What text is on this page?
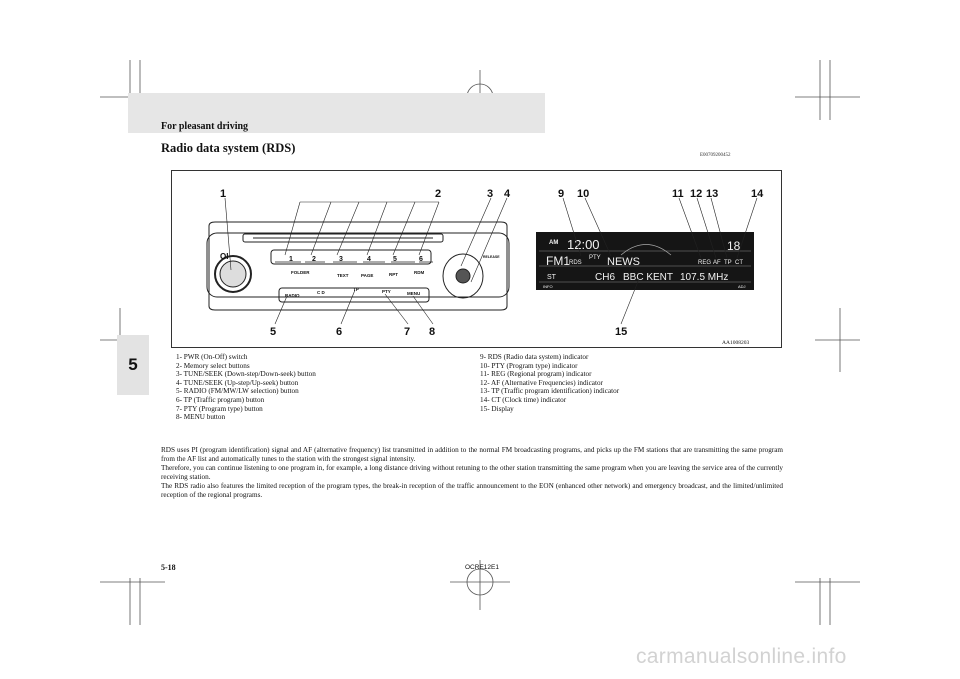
For pleasant driving
Radio data system (RDS)
E00709200452
1	2	3	4	5	6
OI
FOLDER
TEXT	PAGE	RPT	RDM
RADIO
C D
TP	PTY	MENU
RELEASE
AM 12:00
FM1 RDS
PTY NEWS	REG AF TP CT
18
ST	CH6 BBC KENT 107.5 MHz
INFO	ADJ
1	2	3 4
5	6	7 8
9 10	11 12 13	14
15
AA1008203
1- PWR (On-Off) switch
2- Memory select buttons
3- TUNE/SEEK (Down-step/Down-seek) button
4- TUNE/SEEK (Up-step/Up-seek) button
5- RADIO (FM/MW/LW selection) button
6- TP (Traffic program) button
7- PTY (Program type) button
8- MENU button
9- RDS (Radio data system) indicator
10- PTY (Program type) indicator
11- REG (Regional program) indicator
12- AF (Alternative Frequencies) indicator
13- TP (Traffic program identification) indicator
14- CT (Clock time) indicator
15- Display

RDS uses PI (program identification) signal and AF (alternative frequency) list transmitted in addition to the normal FM broadcasting programs, and picks up the FM stations that are transmitting the same program from the AF list and automatically tunes to the station with the strongest signal intensity.

Therefore, you can continue listening to one program in, for example, a long distance driving without retuning to the other station transmitting the same program when you are leaving the service area of the currently receiving station.

The RDS radio also features the limited reception of the program types, the break-in reception of the traffic announcement to the EON (enhanced other network) and emergency broadcast, and the limited/unlimited reception of the regional programs.

5
5-18	OCRE12E1
carmanualsonline.info
